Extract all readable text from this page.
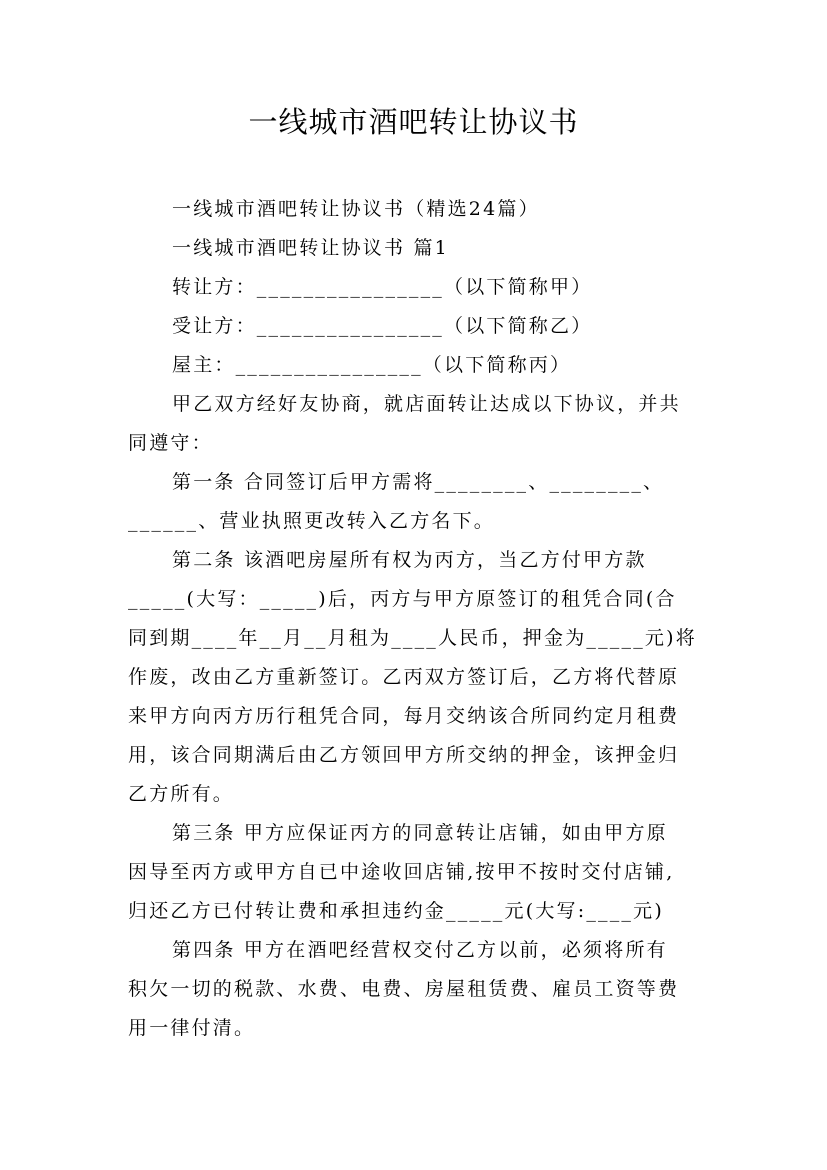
一线城市酒吧转让协议书

一线城市酒吧转让协议书（精选24篇）

一线城市酒吧转让协议书 篇1

转让方：________________（以下简称甲）

受让方：________________（以下简称乙）

屋主：________________（以下简称丙）

甲乙双方经好友协商，就店面转让达成以下协议，并共

同遵守：

第一条 合同签订后甲方需将________、________、

______、营业执照更改转入乙方名下。

第二条 该酒吧房屋所有权为丙方，当乙方付甲方款

_____(大写：_____)后，丙方与甲方原签订的租凭合同(合

同到期____年__月__月租为____人民币，押金为_____元)将

作废，改由乙方重新签订。乙丙双方签订后，乙方将代替原

来甲方向丙方历行租凭合同，每月交纳该合所同约定月租费

用，该合同期满后由乙方领回甲方所交纳的押金，该押金归

乙方所有。

第三条 甲方应保证丙方的同意转让店铺，如由甲方原

因导至丙方或甲方自已中途收回店铺,按甲不按时交付店铺,

归还乙方已付转让费和承担违约金_____元(大写:____元)

第四条 甲方在酒吧经营权交付乙方以前，必须将所有

积欠一切的税款、水费、电费、房屋租赁费、雇员工资等费

用一律付清。
